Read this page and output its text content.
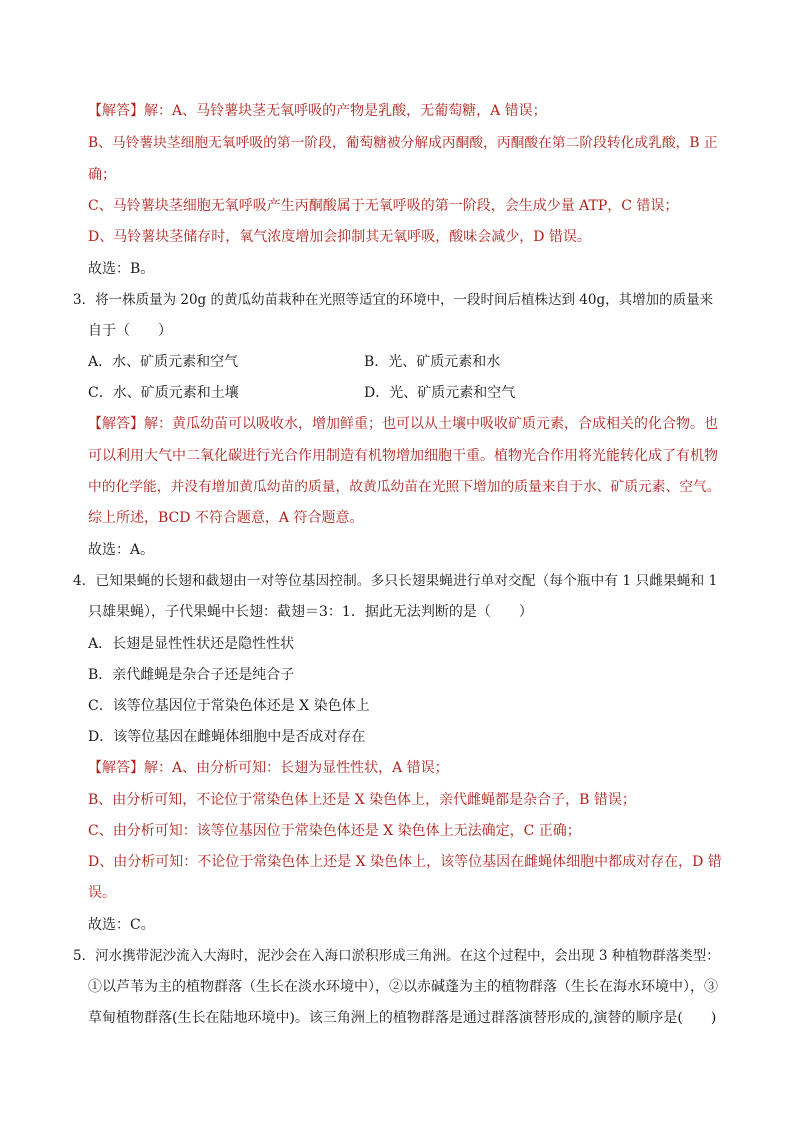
【解答】解：A、马铃薯块茎无氧呼吸的产物是乳酸，无葡萄糖，A 错误；
B、马铃薯块茎细胞无氧呼吸的第一阶段，葡萄糖被分解成丙酮酸，丙酮酸在第二阶段转化成乳酸，B 正
确；
C、马铃薯块茎细胞无氧呼吸产生丙酮酸属于无氧呼吸的第一阶段，会生成少量 ATP，C 错误；
D、马铃薯块茎储存时，氧气浓度增加会抑制其无氧呼吸，酸味会减少，D 错误。
故选：B。
3．将一株质量为 20g 的黄瓜幼苗栽种在光照等适宜的环境中，一段时间后植株达到 40g，其增加的质量来
自于（　　）
A．水、矿质元素和空气	B．光、矿质元素和水
C．水、矿质元素和土壤	D．光、矿质元素和空气
【解答】解：黄瓜幼苗可以吸收水，增加鲜重；也可以从土壤中吸收矿质元素，合成相关的化合物。也
可以利用大气中二氧化碳进行光合作用制造有机物增加细胞干重。植物光合作用将光能转化成了有机物
中的化学能，并没有增加黄瓜幼苗的质量，故黄瓜幼苗在光照下增加的质量来自于水、矿质元素、空气。
综上所述，BCD 不符合题意，A 符合题意。
故选：A。
4．已知果蝇的长翅和截翅由一对等位基因控制。多只长翅果蝇进行单对交配（每个瓶中有 1 只雌果蝇和 1
只雄果蝇），子代果蝇中长翅：截翅＝3：1．据此无法判断的是（　　）
A．长翅是显性性状还是隐性性状
B．亲代雌蝇是杂合子还是纯合子
C．该等位基因位于常染色体还是 X 染色体上
D．该等位基因在雌蝇体细胞中是否成对存在
【解答】解：A、由分析可知：长翅为显性性状，A 错误；
B、由分析可知，不论位于常染色体上还是 X 染色体上，亲代雌蝇都是杂合子，B 错误；
C、由分析可知：该等位基因位于常染色体还是 X 染色体上无法确定，C 正确；
D、由分析可知：不论位于常染色体上还是 X 染色体上，该等位基因在雌蝇体细胞中都成对存在，D 错
误。
故选：C。
5．河水携带泥沙流入大海时，泥沙会在入海口淤积形成三角洲。在这个过程中，会出现 3 种植物群落类型：
①以芦苇为主的植物群落（生长在淡水环境中），②以赤碱蓬为主的植物群落（生长在海水环境中），③
草甸植物群落(生长在陆地环境中)。该三角洲上的植物群落是通过群落演替形成的,演替的顺序是(　　)
